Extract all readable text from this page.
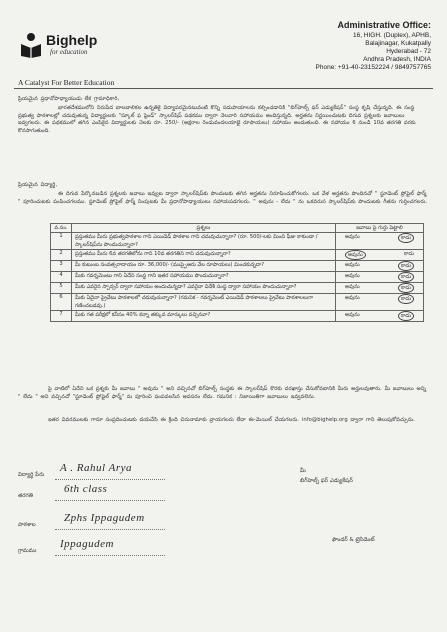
Bighelp
for education
A Catalyst For Better Education
Administrative Office:
16, HIGH. (Duplex), APHB,
Balajinagar, Kukatpally
Hyderabad - 72
Andhra Pradesh, INDIA
Phone: +91-40-23152224 / 9849757765
ప్రియమైన ప్రధానోపాధ్యాయుడు లేక గ్రామాధికారి,
భారతదేశములోని నిరుపేద బాలబాలికల ఉన్నతికై విద్యాపరమైనటువంటి కొన్ని సదుపాయాలను కల్పించడానికి "బిగ్‌హెల్ప్ ఫర్ ఎడ్యుకేషన్" సంస్థ కృషి చేస్తున్నది. ఈ సంస్థ ప్రభుత్వ పాఠశాలల్లో చదువుతున్న విద్యార్థులకు "స్కూల్ ఫ ఫ్రెండ్" స్కాలర్‌షిప్‌ పథకము ద్వారా నెలవారి సహాయము అందిస్తున్నది. అర్హతను నిర్ణయించుటకు దిగువ ప్రశ్నలకు జవాబులు ఇవ్వగలరు. ఈ పథకములో తగిన ఎంపికైన విద్యార్థులకు నెలకు రూ. 250/- (అక్షరాల రెండువందలయాభై రూపాయలు) సహాయం అందుతుంది. ఈ సహాయం 6 నుండి 10వ తరగతి వరకు కొనసాగుతుంది.
ప్రియమైన విద్యార్థి,
ఈ దిగువ పేర్కొనబడిన ప్రశ్నలకు జవాబు ఇవ్వుట ద్వారా స్కాలర్‌షిప్‌కు పొందుటకు తగిన అర్హతను నిరూపించుకోగలరు. ఒక వేళ అర్హతను పొందినచో " స్టూడెంట్ ప్రోఫైల్ ఫార్మ్ " పూరించుటకు పంపించగలము. స్టూడెంట్ ప్రోఫైల్ ఫార్మ్ నింపుటకు మీ ప్రధానోపాధ్యాయులు సహాయపడగలరు. " అవును - లేదు " ను ఒకవరుస స్కాలర్‌షిప్‌కు పొందుటకు గీతను గుర్తించగలరు.
వ.సం.	ప్రశ్నలు	జవాబు పై గుర్తు పెట్టాలి
1	ప్రస్తుతము మీరు ప్రభుత్వపాఠశాల గాని ఎయిడెడ్ పాఠశాల గాని చదువుచున్నారా? (రూ. 500/-లకు మించి ఫీజు కాకుండా / స్కాలర్‌షిప్‌ను పొందుచున్నారా?	అవును కాదు

2	ప్రస్తుతము మీరు 6వ తరగతిలోను గాని 10వ తరగతిని గాని చదువుచున్నారా?	అవును కాదు

3	మీ కుటుంబ సంవత్సరాదాయం రూ. 36,000/- (ముప్పైఆరు వేల రూపాయలు) మించకున్నదా?	అవును కాదు

4	మీకు గవర్నమెంటు గాని ఏదేని సంస్థ గాని ఇతర సహాయము పొందుచున్నారా?	అవును కాదు

5	మీకు ఎవరైన స్పాన్సర్ ద్వారా సహాయం అందుచున్నదా? ఎవరైనా విదేశీ సంస్థ ద్వారా సహాయం పొందుచున్నారా?	అవును కాదు

6	మీకు ఏదైనా ప్రైవేటు పాఠశాలలో చదువుచున్నారా? (గమనిక - గవర్నమెంట్ ఎయిడెడ్ పాఠశాలలు ప్రైవేటు పాఠశాలలుగా గణించబడవు.)	అవును కాదు

7	మీకు గత పరీక్షలో కనీసం 40% కన్నా తక్కువ మార్కులు వచ్చినవా?	అవును కాదు
పై వాటిలో ఏదేని ఒక ప్రశ్నకు మీ జవాబు " అవును " అని వచ్చినచో బిగ్‌హెల్ప్ సంస్థకు ఈ స్కాలర్‌షిప్ కొరకు దరఖాస్తు చేసుకోవటానికి మీరు అర్హులవుతారు. మీ జవాబులు అన్ని " లేదు " అని వచ్చినచో "స్టూడెంట్ ప్రోఫైల్ ఫార్మ్" ను పూరించి పంపవలసిన అవసరం లేదు. గమనిక : నిజాయితిగా జవాబులు ఇవ్వవలెను.
ఇతర వివరములకు గానూ సంప్రదించుటకు దయచేసి ఈ క్రింది చిరునామాకు వ్రాయగలరు లేదా ఈ-మెయిల్ చేయగలరు. info@bighelp.org ద్వారా గాని తెలుపుకోవచ్చును.
విద్యార్థి పేరు
A . Rahul Arya
తరగతి
6th class
పాఠశాల
Zphs Ippagudem
గ్రామము
Ippagudem
మీ
బిగ్‌హెల్ప్ ఫర్ ఎడ్యుకేషన్
ఫౌండర్ & ట్రెసిడెంట్
